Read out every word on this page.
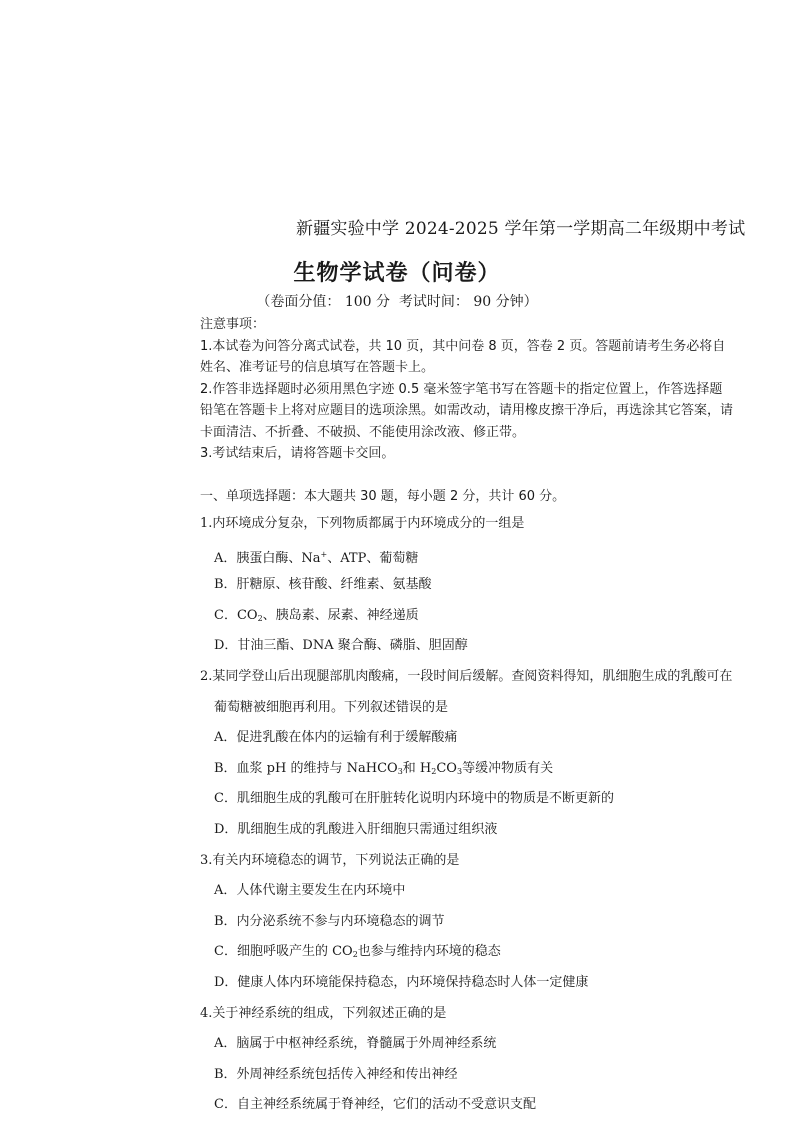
新疆实验中学 2024-2025 学年第一学期高二年级期中考试
生物学试卷（问卷）
（卷面分值： 100 分  考试时间： 90 分钟）
注意事项：
1.本试卷为问答分离式试卷，共 10 页，其中问卷 8 页，答卷 2 页。答题前请考生务必将自
姓名、准考证号的信息填写在答题卡上。
2.作答非选择题时必须用黑色字迹 0.5 毫米签字笔书写在答题卡的指定位置上，作答选择题
铅笔在答题卡上将对应题目的选项涂黑。如需改动，请用橡皮擦干净后，再选涂其它答案，请
卡面清洁、不折叠、不破损、不能使用涂改液、修正带。
3.考试结束后，请将答题卡交回。
一、单项选择题：本大题共 30 题，每小题 2 分，共计 60 分。
1.内环境成分复杂，下列物质都属于内环境成分的一组是
A．胰蛋白酶、Na+、ATP、葡萄糖
B．肝糖原、核苷酸、纤维素、氨基酸
C．$CO_2$、胰岛素、尿素、神经递质
D．甘油三酯、DNA 聚合酶、磷脂、胆固醇
2.某同学登山后出现腿部肌肉酸痛，一段时间后缓解。查阅资料得知，肌细胞生成的乳酸可在
葡萄糖被细胞再利用。下列叙述错误的是
A．促进乳酸在体内的运输有利于缓解酸痛
B．血浆 pH 的维持与 NaHCO$_3$和 $H_2CO_3$等缓冲物质有关
C．肌细胞生成的乳酸可在肝脏转化说明内环境中的物质是不断更新的
D．肌细胞生成的乳酸进入肝细胞只需通过组织液
3.有关内环境稳态的调节，下列说法正确的是
A．人体代谢主要发生在内环境中
B．内分泌系统不参与内环境稳态的调节
C．细胞呼吸产生的 $CO_2$也参与维持内环境的稳态
D．健康人体内环境能保持稳态，内环境保持稳态时人体一定健康
4.关于神经系统的组成，下列叙述正确的是
A．脑属于中枢神经系统，脊髓属于外周神经系统
B．外周神经系统包括传入神经和传出神经
C．自主神经系统属于脊神经，它们的活动不受意识支配
